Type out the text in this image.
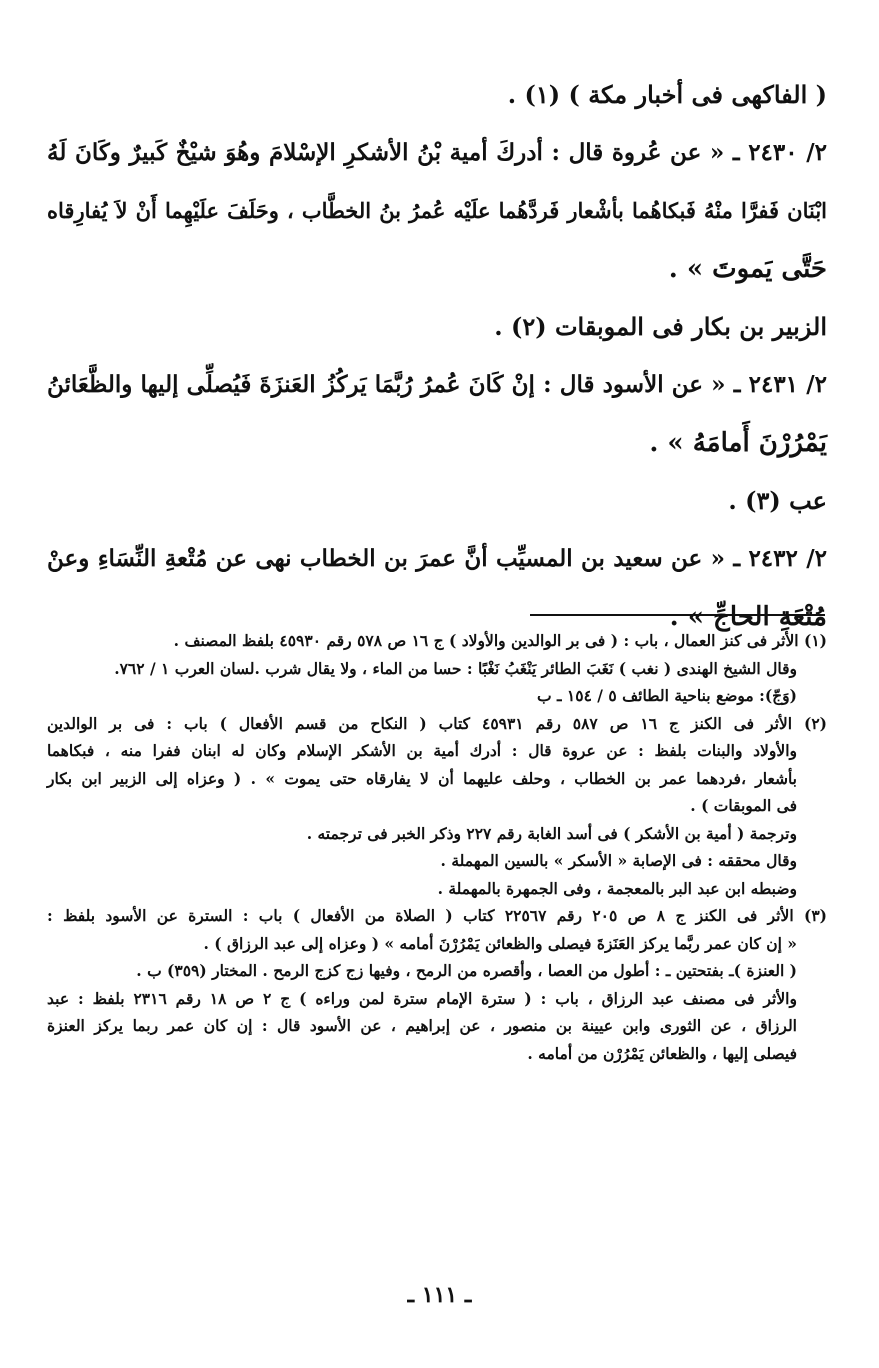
( الفاكهى فى أخبار مكة ) (١) .
٢/ ٢٤٣٠ ـ « عن عُروة قال : أدركَ أمية بْنُ الأشكرِ الإسْلامَ وهُوَ شيْخٌ كَبيرٌ وكَانَ لَهُ
ابْنَان فَفرَّا منْهُ فَبكاهُما بأشْعار فَردَّهُما علَيْه عُمرُ بنُ الخطَّاب ، وحَلَفَ علَيْهِما أَنْ لاَ يُفارِقاه
حَتَّى يَموتَ » .
الزبير بن بكار فى الموبقات (٢) .
٢/ ٢٤٣١ ـ « عن الأسود قال : إنْ كَانَ عُمرُ رُبَّمَا يَركُزُ العَنزَةَ فَيُصلِّى إليها والظَّعَائنُ
يَمْرُرْنَ أَمامَهُ » .
عب (٣) .
٢/ ٢٤٣٢ ـ « عن سعيد بن المسيِّب أنَّ عمرَ بن الخطاب نهى عن مُتْعةِ النِّسَاءِ وعنْ
مُتْعَةِ الحاجِّ » .
(١) الأثر فى كنز العمال ، باب : ( فى بر الوالدين والأولاد ) ج ١٦ ص ٥٧٨ رقم ٤٥٩٣٠ بلفظ المصنف .
وقال الشيخ الهندى ( نغب ) نَغَبَ الطائر يَنْغَبُ نَغْبًا : حسا من الماء ، ولا يقال شرب .لسان العرب ١ / ٧٦٢.
(وَجّ): موضع بناحية الطائف ٥ / ١٥٤ ـ ب
(٢) الأثر فى الكنز ج ١٦ ص ٥٨٧ رقم ٤٥٩٣١ كتاب ( النكاح من قسم الأفعال ) باب : فى بر الوالدين
والأولاد والبنات بلفظ : عن عروة قال : أدرك أمية بن الأشكر الإسلام وكان له ابنان ففرا منه ، فبكاهما
بأشعار ،فردهما عمر بن الخطاب ، وحلف عليهما أن لا يفارقاه حتى يموت » . ( وعزاه إلى الزبير ابن بكار
فى الموبقات ) .
وترجمة ( أمية بن الأشكر ) فى أسد الغابة رقم ٢٢٧ وذكر الخبر فى ترجمته .
وقال محققه : فى الإصابة « الأسكر » بالسين المهملة .
وضبطه ابن عبد البر بالمعجمة ، وفى الجمهرة بالمهملة .
(٣) الأثر فى الكنز ج ٨ ص ٢٠٥ رقم ٢٢٥٦٧ كتاب ( الصلاة من الأفعال ) باب : السترة عن الأسود بلفظ :
« إن كان عمر ربَّما يركز العَنَزةَ فيصلى والظعائن يَمْرُرْنَ أمامه » ( وعزاه إلى عبد الرزاق ) .
( العنزة )ـ بفتحتين ـ : أطول من العصا ، وأقصره من الرمح ، وفيها زج كزج الرمح . المختار (٣٥٩) ب .
والأثر فى مصنف عبد الرزاق ، باب : ( سترة الإمام سترة لمن وراءه ) ج ٢ ص ١٨ رقم ٢٣١٦ بلفظ : عبد
الرزاق ، عن الثورى وابن عيينة بن منصور ، عن إبراهيم ، عن الأسود قال : إن كان عمر ربما يركز العنزة
فيصلى إليها ، والظعائن يَمْرُرْن من أمامه .
ـ ١١١ ـ
